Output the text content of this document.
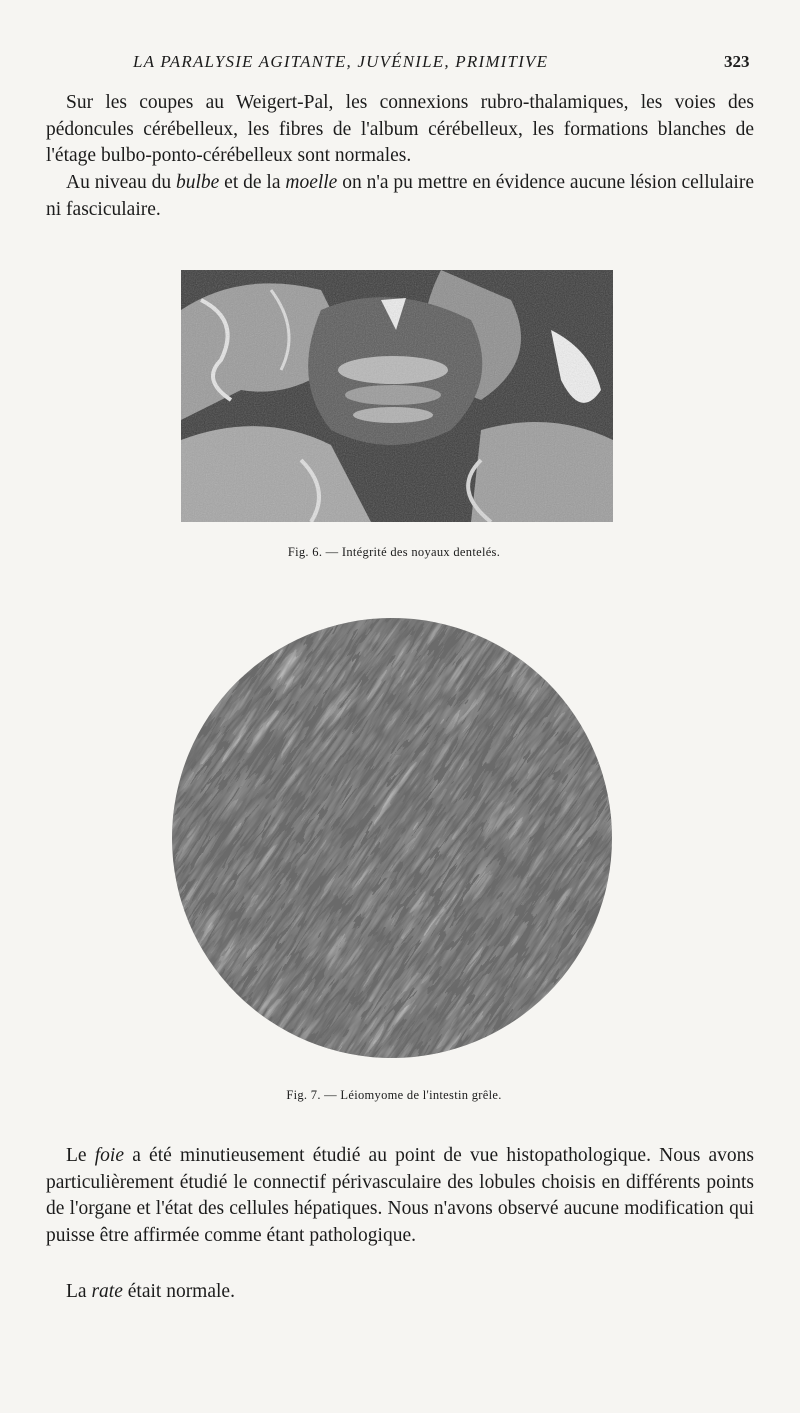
LA PARALYSIE AGITANTE, JUVÉNILE, PRIMITIVE	323
Sur les coupes au Weigert-Pal, les connexions rubro-thalamiques, les voies des pédoncules cérébelleux, les fibres de l'album cérébelleux, les formations blanches de l'étage bulbo-ponto-cérébelleux sont normales.
Au niveau du bulbe et de la moelle on n'a pu mettre en évidence aucune lésion cellulaire ni fasciculaire.
Fig. 6. — Intégrité des noyaux dentelés.
Fig. 7. — Léiomyome de l'intestin grêle.
Le foie a été minutieusement étudié au point de vue histopathologique. Nous avons particulièrement étudié le connectif périvasculaire des lobules choisis en différents points de l'organe et l'état des cellules hépatiques. Nous n'avons observé aucune modification qui puisse être affirmée comme étant pathologique.
La rate était normale.
